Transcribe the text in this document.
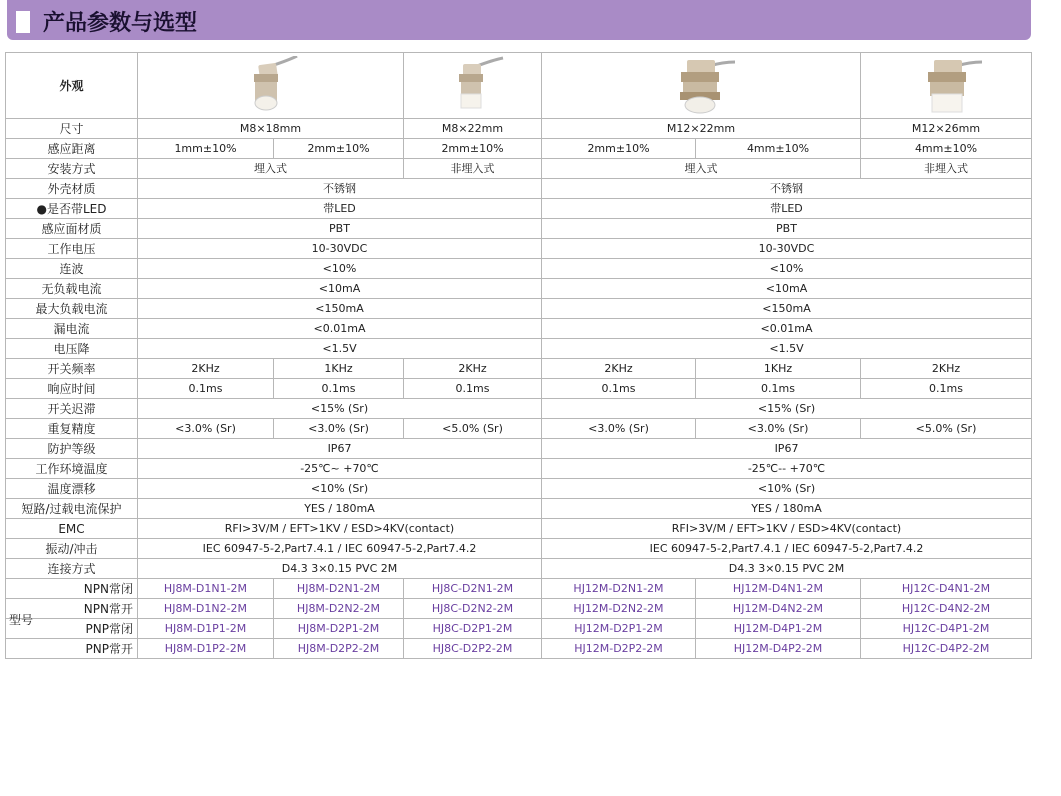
产品参数与选型
外观				
尺寸	M8×18mm		M8×22mm	M12×22mm		M12×26mm
感应距离	1mm±10%	2mm±10%	2mm±10%	2mm±10%	4mm±10%	4mm±10%
安装方式	埋入式		非埋入式	埋入式		非埋入式
外壳材质	不锈钢			不锈钢		
●是否带LED	带LED			带LED		
感应面材质	PBT			PBT		
工作电压	10-30VDC			10-30VDC		
连波	<10%			<10%		
无负载电流	<10mA			<10mA		
最大负载电流	<150mA			<150mA		
漏电流	<0.01mA			<0.01mA		
电压降	<1.5V			<1.5V		
开关频率	2KHz	1KHz	2KHz	2KHz	1KHz	2KHz
响应时间	0.1ms	0.1ms	0.1ms	0.1ms	0.1ms	0.1ms
开关迟滞	<15% (Sr)			<15% (Sr)		
重复精度	<3.0% (Sr)	<3.0% (Sr)	<5.0% (Sr)	<3.0% (Sr)	<3.0% (Sr)	<5.0% (Sr)
防护等级	IP67			IP67		
工作环境温度	-25℃~ +70℃			-25℃-- +70℃		
温度漂移	<10% (Sr)			<10% (Sr)		
短路/过载电流保护	YES / 180mA			YES / 180mA		
EMC	RFI>3V/M / EFT>1KV / ESD>4KV(contact)			RFI>3V/M / EFT>1KV / ESD>4KV(contact)		
振动/冲击	IEC 60947-5-2,Part7.4.1 / IEC 60947-5-2,Part7.4.2			IEC 60947-5-2,Part7.4.1 / IEC 60947-5-2,Part7.4.2		
连接方式	D4.3 3×0.15 PVC 2M			D4.3 3×0.15 PVC 2M		
NPN常闭	HJ8M-D1N1-2M	HJ8M-D2N1-2M	HJ8C-D2N1-2M	HJ12M-D2N1-2M	HJ12M-D4N1-2M	HJ12C-D4N1-2M
NPN常开	HJ8M-D1N2-2M	HJ8M-D2N2-2M	HJ8C-D2N2-2M	HJ12M-D2N2-2M	HJ12M-D4N2-2M	HJ12C-D4N2-2M
PNP常闭	HJ8M-D1P1-2M	HJ8M-D2P1-2M	HJ8C-D2P1-2M	HJ12M-D2P1-2M	HJ12M-D4P1-2M	HJ12C-D4P1-2M
PNP常开	HJ8M-D1P2-2M	HJ8M-D2P2-2M	HJ8C-D2P2-2M	HJ12M-D2P2-2M	HJ12M-D4P2-2M	HJ12C-D4P2-2M
型号
